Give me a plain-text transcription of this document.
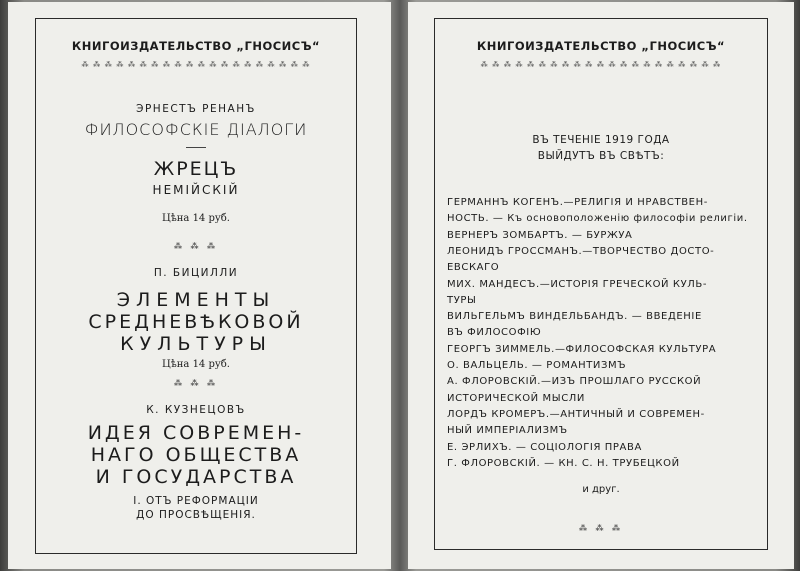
КНИГОИЗДАТЕЛЬСТВО „ГНОСИСЪ“
⁂ ⁂ ⁂ ⁂ ⁂ ⁂ ⁂ ⁂ ⁂ ⁂ ⁂ ⁂ ⁂ ⁂ ⁂ ⁂ ⁂ ⁂ ⁂ ⁂
ЭРНЕСТЪ РЕНАНЪ
ФИЛОСОФСКІЕ ДІАЛОГИ
ЖРЕЦЪ
НЕМІЙСКІЙ
Цѣна 14 руб.
⁂ ⁂ ⁂
П. БИЦИЛЛИ
ЭЛЕМЕНТЫ
СРЕДНЕВѢКОВОЙ
КУЛЬТУРЫ
Цѣна 14 руб.
⁂ ⁂ ⁂
К. КУЗНЕЦОВЪ
ИДЕЯ СОВРЕМЕН-
НАГО ОБЩЕСТВА
И ГОСУДАРСТВА
I. ОТЪ РЕФОРМАЦІИ
ДО ПРОСВѢЩЕНІЯ.
КНИГОИЗДАТЕЛЬСТВО „ГНОСИСЪ“
⁂ ⁂ ⁂ ⁂ ⁂ ⁂ ⁂ ⁂ ⁂ ⁂ ⁂ ⁂ ⁂ ⁂ ⁂ ⁂ ⁂ ⁂ ⁂ ⁂ ⁂
ВЪ ТЕЧЕНІЕ 1919 ГОДА
ВЫЙДУТЪ ВЪ СВѢТЪ:
ГЕРМАННЪ КОГЕНЪ.—РЕЛИГІЯ И НРАВСТВЕН-
НОСТЬ. — Къ основоположенію философіи религіи.
ВЕРНЕРЪ ЗОМБАРТЪ. — БУРЖУА
ЛЕОНИДЪ ГРОССМАНЪ.—ТВОРЧЕСТВО ДОСТО-
ЕВСКАГО
МИХ. МАНДЕСЪ.—ИСТОРІЯ ГРЕЧЕСКОЙ КУЛЬ-
ТУРЫ
ВИЛЬГЕЛЬМЪ ВИНДЕЛЬБАНДЪ. — ВВЕДЕНІЕ
ВЪ ФИЛОСОФІЮ
ГЕОРГЪ ЗИММЕЛЬ.—ФИЛОСОФСКАЯ КУЛЬТУРА
О. ВАЛЬЦЕЛЬ. — РОМАНТИЗМЪ
А. ФЛОРОВСКІЙ.—ИЗЪ ПРОШЛАГО РУССКОЙ
ИСТОРИЧЕСКОЙ МЫСЛИ
ЛОРДЪ КРОМЕРЪ.—АНТИЧНЫЙ И СОВРЕМЕН-
НЫЙ ИМПЕРІАЛИЗМЪ
Е. ЭРЛИХЪ. — СОЦІОЛОГІЯ ПРАВА
Г. ФЛОРОВСКІЙ. — КН. С. Н. ТРУБЕЦКОЙ
и друг.
⁂ ⁂ ⁂
